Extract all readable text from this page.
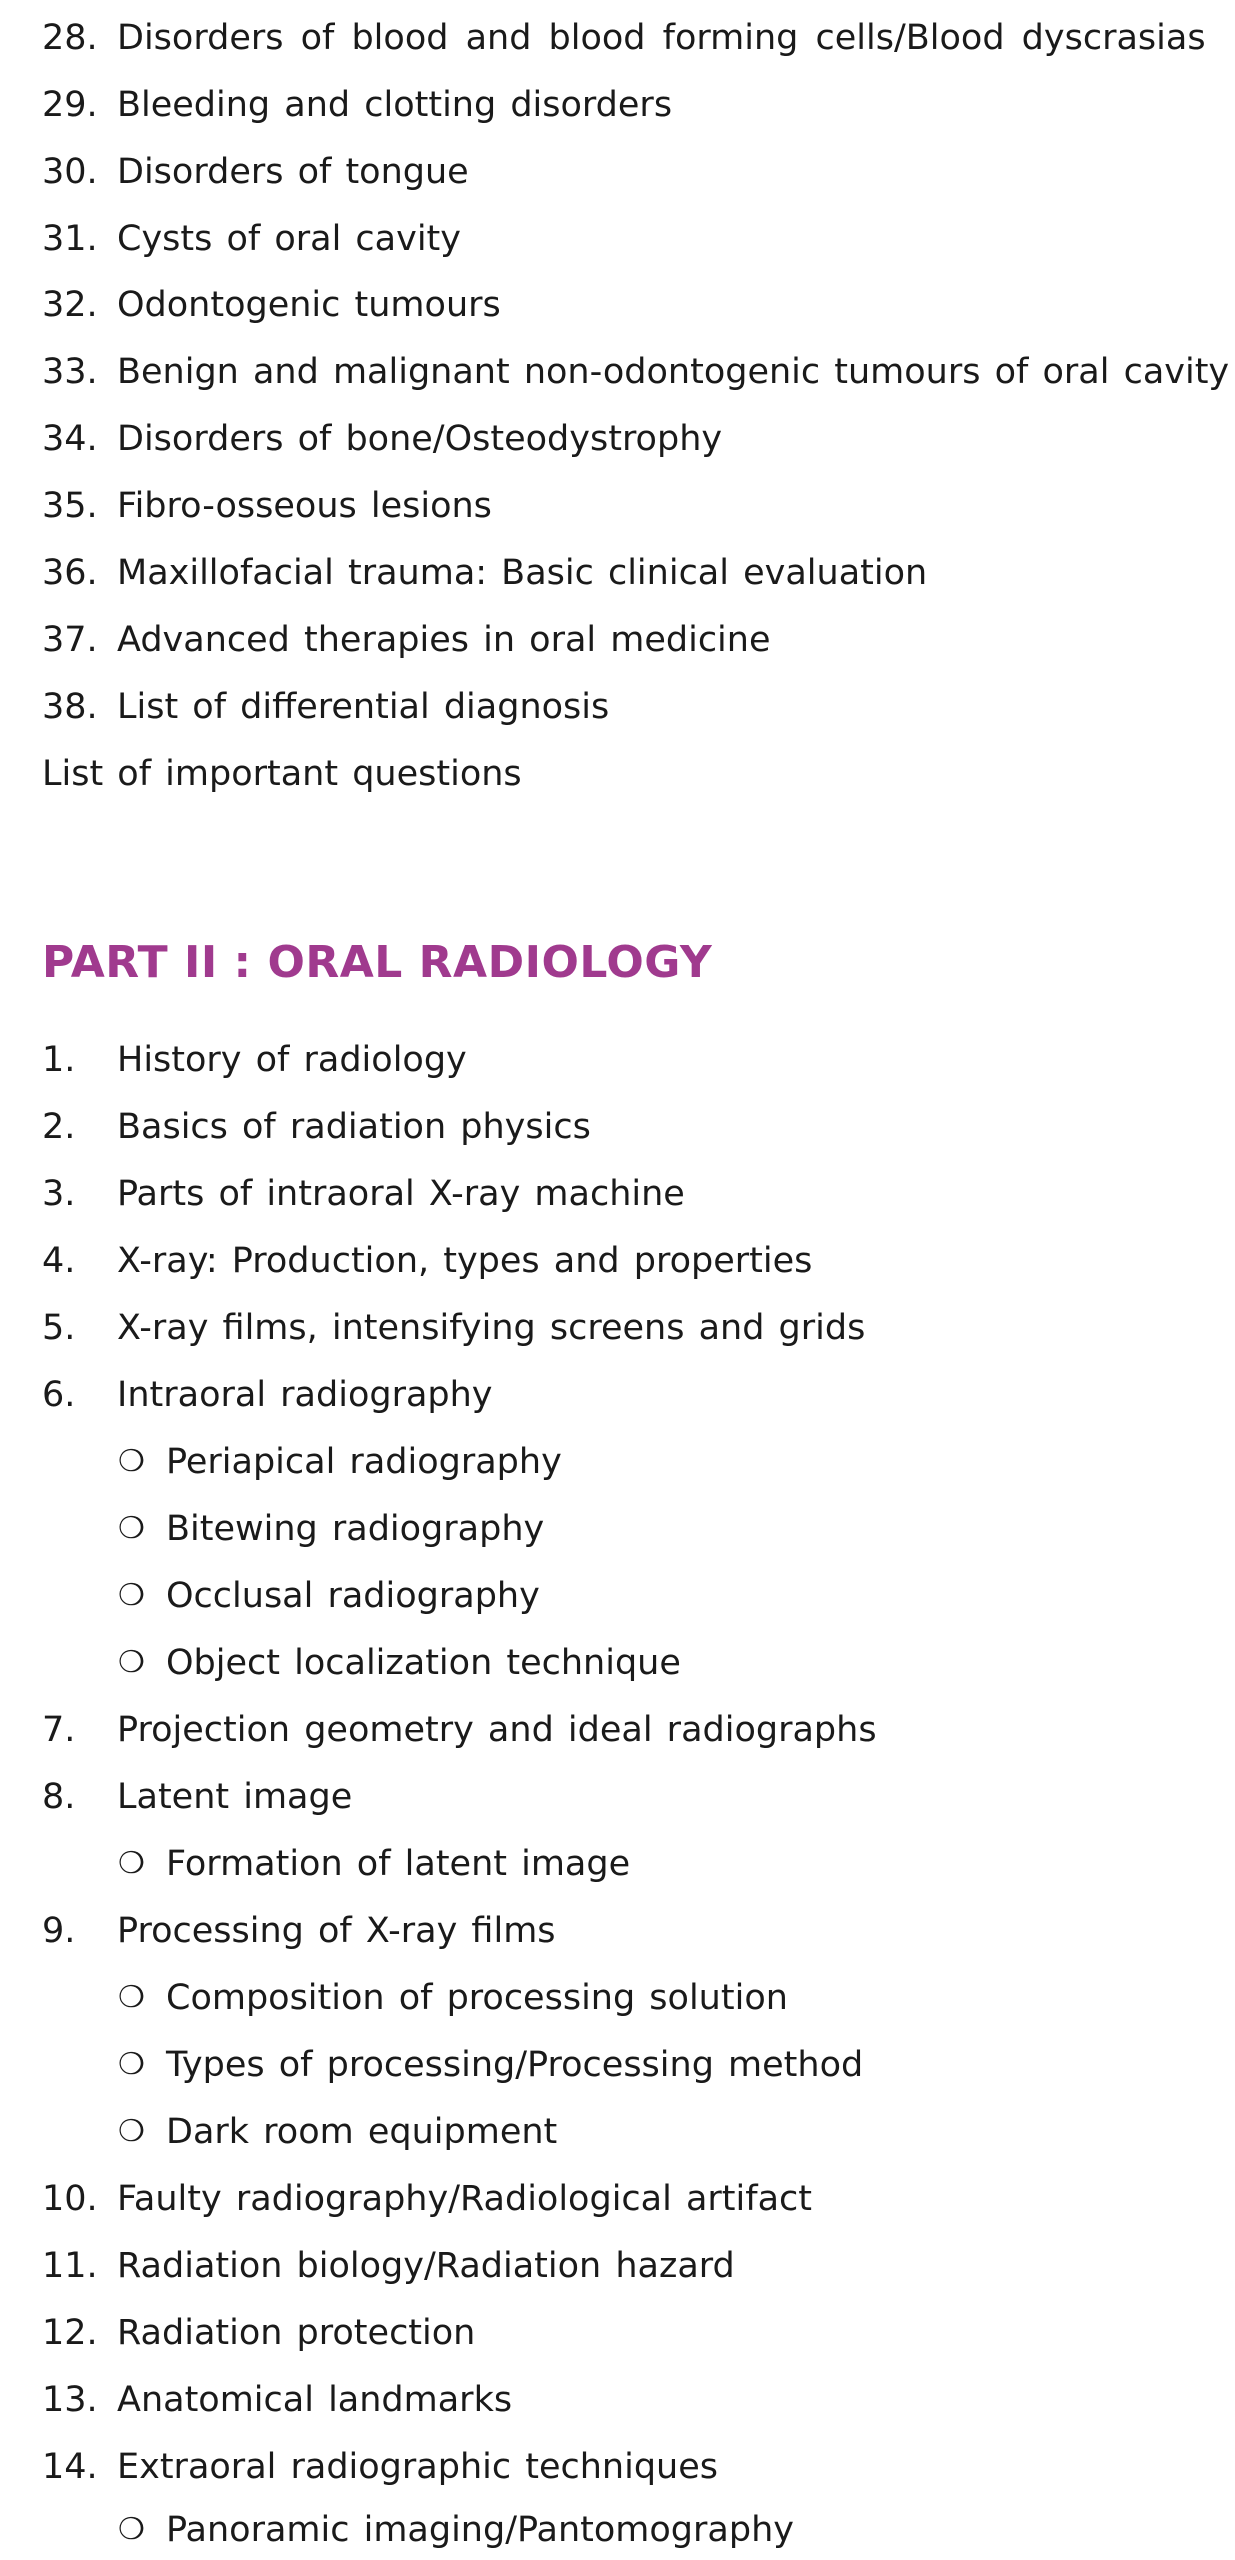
28. Disorders of blood and blood forming cells/Blood dyscrasias
29. Bleeding and clotting disorders
30. Disorders of tongue
31. Cysts of oral cavity
32. Odontogenic tumours
33. Benign and malignant non-odontogenic tumours of oral cavity
34. Disorders of bone/Osteodystrophy
35. Fibro-osseous lesions
36. Maxillofacial trauma: Basic clinical evaluation
37. Advanced therapies in oral medicine
38. List of differential diagnosis
List of important questions
PART II : ORAL RADIOLOGY
1. History of radiology
2. Basics of radiation physics
3. Parts of intraoral X-ray machine
4. X-ray: Production, types and properties
5. X-ray films, intensifying screens and grids
6. Intraoral radiography
❍ Periapical radiography
❍ Bitewing radiography
❍ Occlusal radiography
❍ Object localization technique
7. Projection geometry and ideal radiographs
8. Latent image
❍ Formation of latent image
9. Processing of X-ray films
❍ Composition of processing solution
❍ Types of processing/Processing method
❍ Dark room equipment
10. Faulty radiography/Radiological artifact
11. Radiation biology/Radiation hazard
12. Radiation protection
13. Anatomical landmarks
14. Extraoral radiographic techniques
❍ Panoramic imaging/Pantomography
